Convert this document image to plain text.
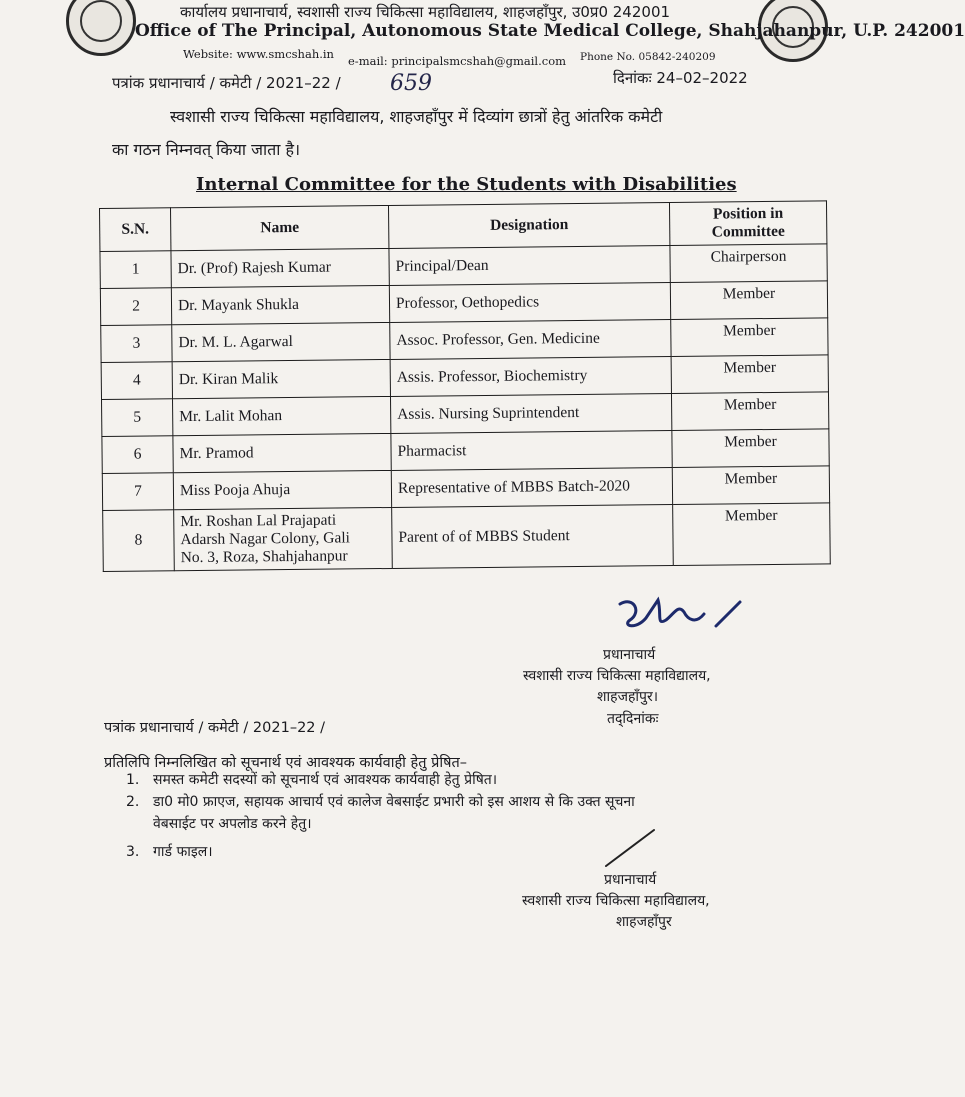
कार्यालय प्रधानाचार्य, स्वशासी राज्य चिकित्सा महाविद्यालय, शाहजहाँपुर, उ0प्र0 242001
Office of The Principal, Autonomous State Medical College, Shahjahanpur, U.P. 242001
Website: www.smcshah.in e-mail: principalsmcshah@gmail.com Phone No. 05842-240209
पत्रांक प्रधानाचार्य / कमेटी / 2021–22 / 659	दिनांकः 24–02–2022
स्वशासी राज्य चिकित्सा महाविद्यालय, शाहजहाँपुर में दिव्यांग छात्रों हेतु आंतरिक कमेटी
का गठन निम्नवत् किया जाता है।
Internal Committee for the Students with Disabilities
S.N.	Name	Designation	Position in
Committee
1	Dr. (Prof) Rajesh Kumar	Principal/Dean	Chairperson
2	Dr. Mayank Shukla	Professor, Oethopedics	Member
3	Dr. M. L. Agarwal	Assoc. Professor, Gen. Medicine	Member
4	Dr. Kiran Malik	Assis. Professor, Biochemistry	Member
5	Mr. Lalit Mohan	Assis. Nursing Suprintendent	Member
6	Mr. Pramod	Pharmacist	Member
7	Miss Pooja Ahuja	Representative of MBBS Batch-2020	Member
8	Mr. Roshan Lal Prajapati
Adarsh Nagar Colony, Gali
No. 3, Roza, Shahjahanpur	Parent of of MBBS Student	Member
प्रधानाचार्य
स्वशासी राज्य चिकित्सा महाविद्यालय,
शाहजहाँपुर।
तद्‌दिनांकः
पत्रांक प्रधानाचार्य / कमेटी / 2021–22 /
प्रतिलिपि निम्नलिखित को सूचनार्थ एवं आवश्यक कार्यवाही हेतु प्रेषित–
1. समस्त कमेटी सदस्यों को सूचनार्थ एवं आवश्यक कार्यवाही हेतु प्रेषित।
2. डा0 मो0 फ्राएज, सहायक आचार्य एवं कालेज वेबसाईट प्रभारी को इस आशय से कि उक्त सूचना
वेबसाईट पर अपलोड करने हेतु।
3. गार्ड फाइल।
प्रधानाचार्य
स्वशासी राज्य चिकित्सा महाविद्यालय,
शाहजहाँपुर
